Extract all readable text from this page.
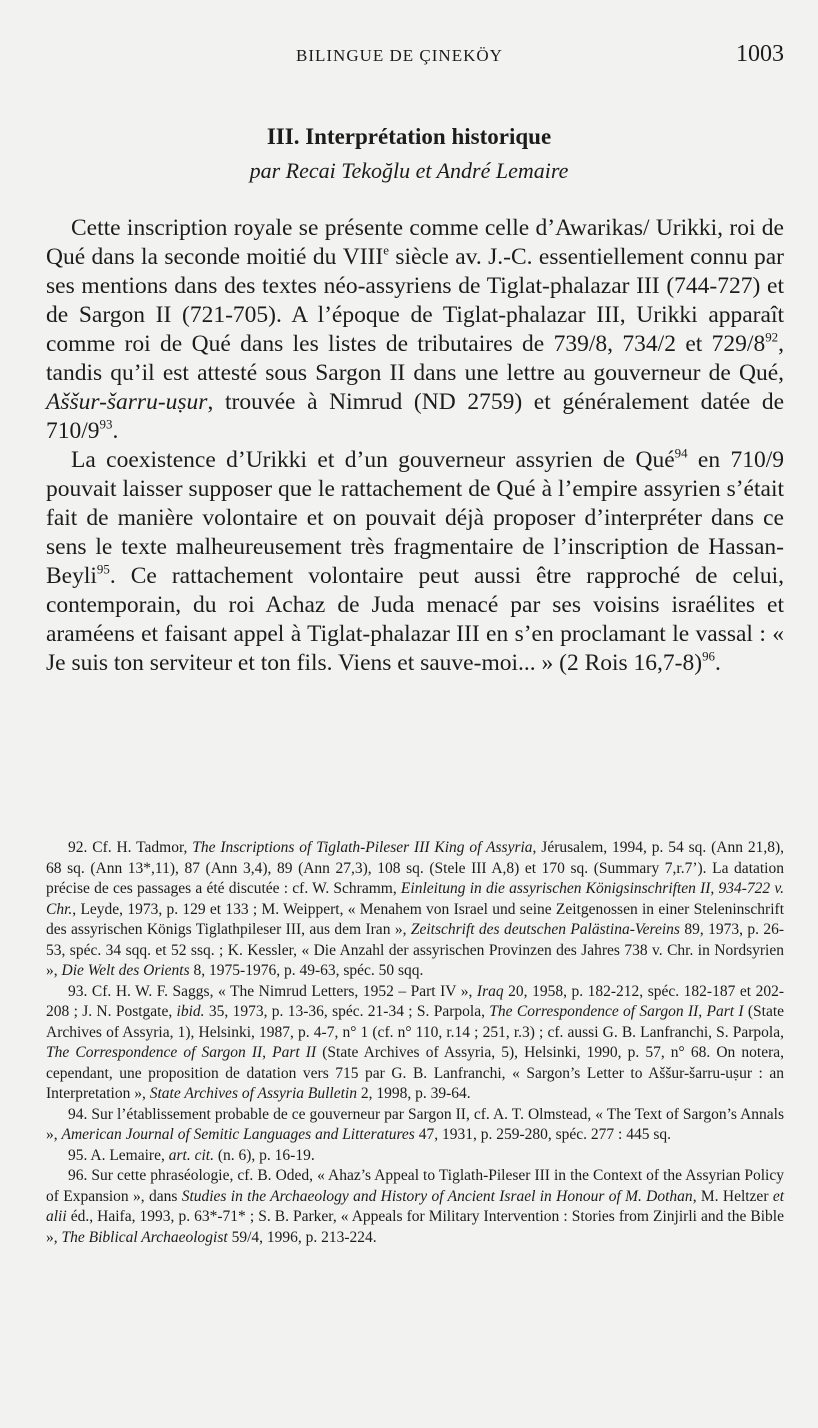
BILINGUE DE ÇINEKÖY	1003
III. Interprétation historique
par Recai Tekoğlu et André Lemaire

Cette inscription royale se présente comme celle d’Awarikas/ Urikki, roi de Qué dans la seconde moitié du VIIIe siècle av. J.-C. essentiellement connu par ses mentions dans des textes néo-assyriens de Tiglat-phalazar III (744-727) et de Sargon II (721-705). A l’époque de Tiglat-phalazar III, Urikki apparaît comme roi de Qué dans les listes de tributaires de 739/8, 734/2 et $729/8^{92}$, tandis qu’il est attesté sous Sargon II dans une lettre au gouverneur de Qué, Aššur-šarru-uṣur, trouvée à Nimrud (ND 2759) et généralement datée de $710/9^{93}$.

La coexistence d’Urikki et d’un gouverneur assyrien de Qué$^{94}$ en 710/9 pouvait laisser supposer que le rattachement de Qué à l’empire assyrien s’était fait de manière volontaire et on pouvait déjà proposer d’interpréter dans ce sens le texte malheureusement très fragmentaire de l’inscription de Hassan-Beyli$^{95}$. Ce rattachement volontaire peut aussi être rapproché de celui, contemporain, du roi Achaz de Juda menacé par ses voisins israélites et araméens et faisant appel à Tiglat-phalazar III en s’en proclamant le vassal : « Je suis ton serviteur et ton fils. Viens et sauve-moi... » (2 Rois 16,7-8)$^{96}$.

92. Cf. H. Tadmor, The Inscriptions of Tiglath-Pileser III King of Assyria, Jérusalem, 1994, p. 54 sq. (Ann 21,8), 68 sq. (Ann 13*,11), 87 (Ann 3,4), 89 (Ann 27,3), 108 sq. (Stele III A,8) et 170 sq. (Summary 7,r.7’). La datation précise de ces passages a été discutée : cf. W. Schramm, Einleitung in die assyrischen Königsinschriften II, 934-722 v. Chr., Leyde, 1973, p. 129 et 133 ; M. Weippert, « Menahem von Israel und seine Zeitgenossen in einer Steleninschrift des assyrischen Königs Tiglathpileser III, aus dem Iran », Zeitschrift des deutschen Palästina-Vereins 89, 1973, p. 26-53, spéc. 34 sqq. et 52 ssq. ; K. Kessler, « Die Anzahl der assyrischen Provinzen des Jahres 738 v. Chr. in Nordsyrien », Die Welt des Orients 8, 1975-1976, p. 49-63, spéc. 50 sqq.

93. Cf. H. W. F. Saggs, « The Nimrud Letters, 1952 – Part IV », Iraq 20, 1958, p. 182-212, spéc. 182-187 et 202-208 ; J. N. Postgate, ibid. 35, 1973, p. 13-36, spéc. 21-34 ; S. Parpola, The Correspondence of Sargon II, Part I (State Archives of Assyria, 1), Helsinki, 1987, p. 4-7, n° 1 (cf. n° 110, r.14 ; 251, r.3) ; cf. aussi G. B. Lanfranchi, S. Parpola, The Correspondence of Sargon II, Part II (State Archives of Assyria, 5), Helsinki, 1990, p. 57, n° 68. On notera, cependant, une proposition de datation vers 715 par G. B. Lanfranchi, « Sargon’s Letter to Aššur-šarru-uṣur : an Interpretation », State Archives of Assyria Bulletin 2, 1998, p. 39-64.

94. Sur l’établissement probable de ce gouverneur par Sargon II, cf. A. T. Olmstead, « The Text of Sargon’s Annals », American Journal of Semitic Languages and Litteratures 47, 1931, p. 259-280, spéc. 277 : 445 sq.

95. A. Lemaire, art. cit. (n. 6), p. 16-19.

96. Sur cette phraséologie, cf. B. Oded, « Ahaz’s Appeal to Tiglath-Pileser III in the Context of the Assyrian Policy of Expansion », dans Studies in the Archaeology and History of Ancient Israel in Honour of M. Dothan, M. Heltzer et alii éd., Haifa, 1993, p. 63*-71* ; S. B. Parker, « Appeals for Military Intervention : Stories from Zinjirli and the Bible », The Biblical Archaeologist 59/4, 1996, p. 213-224.
